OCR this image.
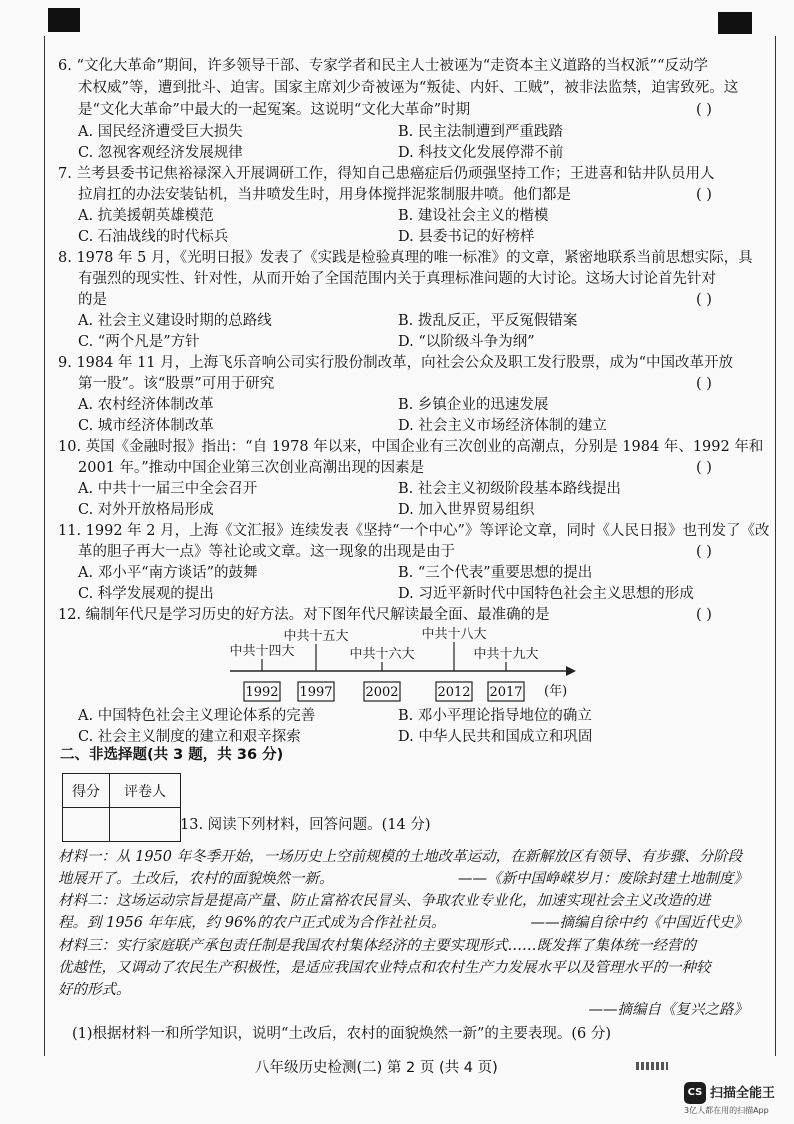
6. “文化大革命”期间，许多领导干部、专家学者和民主人士被诬为“走资本主义道路的当权派”“反动学
术权威”等，遭到批斗、迫害。国家主席刘少奇被诬为“叛徒、内奸、工贼”，被非法监禁，迫害致死。这
是“文化大革命”中最大的一起冤案。这说明“文化大革命”时期	( )
A. 国民经济遭受巨大损失	B. 民主法制遭到严重践踏
C. 忽视客观经济发展规律	D. 科技文化发展停滞不前
7. 兰考县委书记焦裕禄深入开展调研工作，得知自己患癌症后仍顽强坚持工作；王进喜和钻井队员用人
拉肩扛的办法安装钻机，当井喷发生时，用身体搅拌泥浆制服井喷。他们都是	( )
A. 抗美援朝英雄模范	B. 建设社会主义的楷模
C. 石油战线的时代标兵	D. 县委书记的好榜样
8. 1978 年 5 月，《光明日报》发表了《实践是检验真理的唯一标准》的文章，紧密地联系当前思想实际，具
有强烈的现实性、针对性，从而开始了全国范围内关于真理标准问题的大讨论。这场大讨论首先针对
的是	( )
A. 社会主义建设时期的总路线	B. 拨乱反正，平反冤假错案
C. “两个凡是”方针	D. “以阶级斗争为纲”
9. 1984 年 11 月，上海飞乐音响公司实行股份制改革，向社会公众及职工发行股票，成为“中国改革开放
第一股”。该“股票”可用于研究	( )
A. 农村经济体制改革	B. 乡镇企业的迅速发展
C. 城市经济体制改革	D. 社会主义市场经济体制的建立
10. 英国《金融时报》指出：“自 1978 年以来，中国企业有三次创业的高潮点，分别是 1984 年、1992 年和
2001 年。”推动中国企业第三次创业高潮出现的因素是	( )
A. 中共十一届三中全会召开	B. 社会主义初级阶段基本路线提出
C. 对外开放格局形成	D. 加入世界贸易组织
11. 1992 年 2 月，上海《文汇报》连续发表《坚持“一个中心”》等评论文章，同时《人民日报》也刊发了《改
革的胆子再大一点》等社论或文章。这一现象的出现是由于	( )
A. 邓小平“南方谈话”的鼓舞	B. “三个代表”重要思想的提出
C. 科学发展观的提出	D. 习近平新时代中国特色社会主义思想的形成
12. 编制年代尺是学习历史的好方法。对下图年代尺解读最全面、最准确的是	( )
中共十四大
1992
中共十五大
1997
中共十六大
2002
中共十八大
2012
中共十九大
2017 (年)
A. 中国特色社会主义理论体系的完善	B. 邓小平理论指导地位的确立
C. 社会主义制度的建立和艰辛探索	D. 中华人民共和国成立和巩固
二、非选择题(共 3 题，共 36 分)
得分	评卷人

13. 阅读下列材料，回答问题。(14 分)
材料一：从 1950 年冬季开始，一场历史上空前规模的土地改革运动，在新解放区有领导、有步骤、分阶段
地展开了。土改后，农村的面貌焕然一新。	——《新中国峥嵘岁月：废除封建土地制度》
材料二：这场运动宗旨是提高产量、防止富裕农民冒头、争取农业专业化，加速实现社会主义改造的进
程。到 1956 年年底，约 96%的农户正式成为合作社社员。	——摘编自徐中约《中国近代史》
材料三：实行家庭联产承包责任制是我国农村集体经济的主要实现形式……既发挥了集体统一经营的
优越性，又调动了农民生产积极性，是适应我国农业特点和农村生产力发展水平以及管理水平的一种较
好的形式。
——摘编自《复兴之路》
(1)根据材料一和所学知识，说明“土改后，农村的面貌焕然一新”的主要表现。(6 分)
八年级历史检测(二) 第 2 页 (共 4 页)
CS 扫描全能王
3亿人都在用的扫描App
